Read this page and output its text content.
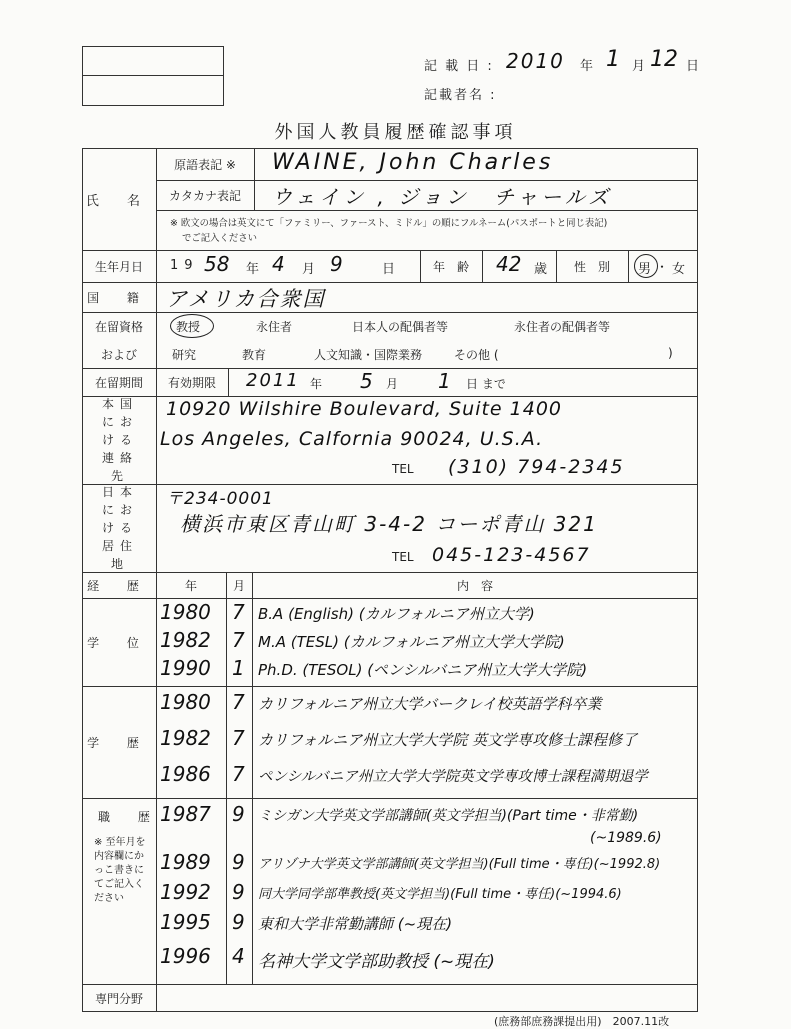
記 載 日 : 2010 年 1 月 12 日
記載者名 :
外国人教員履歴確認事項
氏 名
原語表記 ※	WAINE, John Charles
カタカナ表記	ウェイン , ジョン　チャールズ
※ 欧文の場合は英文にて「ファミリー、ファースト、ミドル」の順にフルネーム(パスポートと同じ表記)
でご記入ください
生年月日	19 58 年 4 月 9	日	年　齢	42 歳	性　別	男 ・ 女
国 籍 アメリカ合衆国
在留資格
および
教授	永住者	日本人の配偶者等	永住者の配偶者等
研究	教育	人文知識・国際業務	その他 (	)
在留期間	有効期限	2011 年 5 月 1 日 まで
本国における連絡先
10920 Wilshire Boulevard, Suite 1400
Los Angeles, Calfornia 90024, U.S.A.
TEL (310) 794-2345
日本における居住地
〒234-0001
横浜市東区青山町 3-4-2 コーポ青山 321
TEL 045-123-4567
経 歴	年	月	内　容
学 位
1980 7 B.A (English) (カルフォルニア州立大学)
1982 7 M.A (TESL) (カルフォルニア州立大学大学院)
1990 1 Ph.D. (TESOL) (ペンシルバニア州立大学大学院)
学 歴
1980 7 カリフォルニア州立大学バークレイ校英語学科卒業
1982 7 カリフォルニア州立大学大学院 英文学専攻修士課程修了
1986 7 ペンシルバニア州立大学大学院英文学専攻博士課程満期退学
職 歴
※ 至年月を内容欄にかっこ書きにてご記入ください
1987 9 ミシガン大学英文学部講師(英文学担当)(Part time・非常勤)
(~1989.6)
1989 9 アリゾナ大学英文学部講師(英文学担当)(Full time・専任)(~1992.8)
1992 9 同大学同学部準教授(英文学担当)(Full time・専任)(~1994.6)
1995 9 東和大学非常勤講師 (~現在)
1996 4 名神大学文学部助教授 (~現在)
専門分野
(庶務部庶務課提出用)　2007.11改
